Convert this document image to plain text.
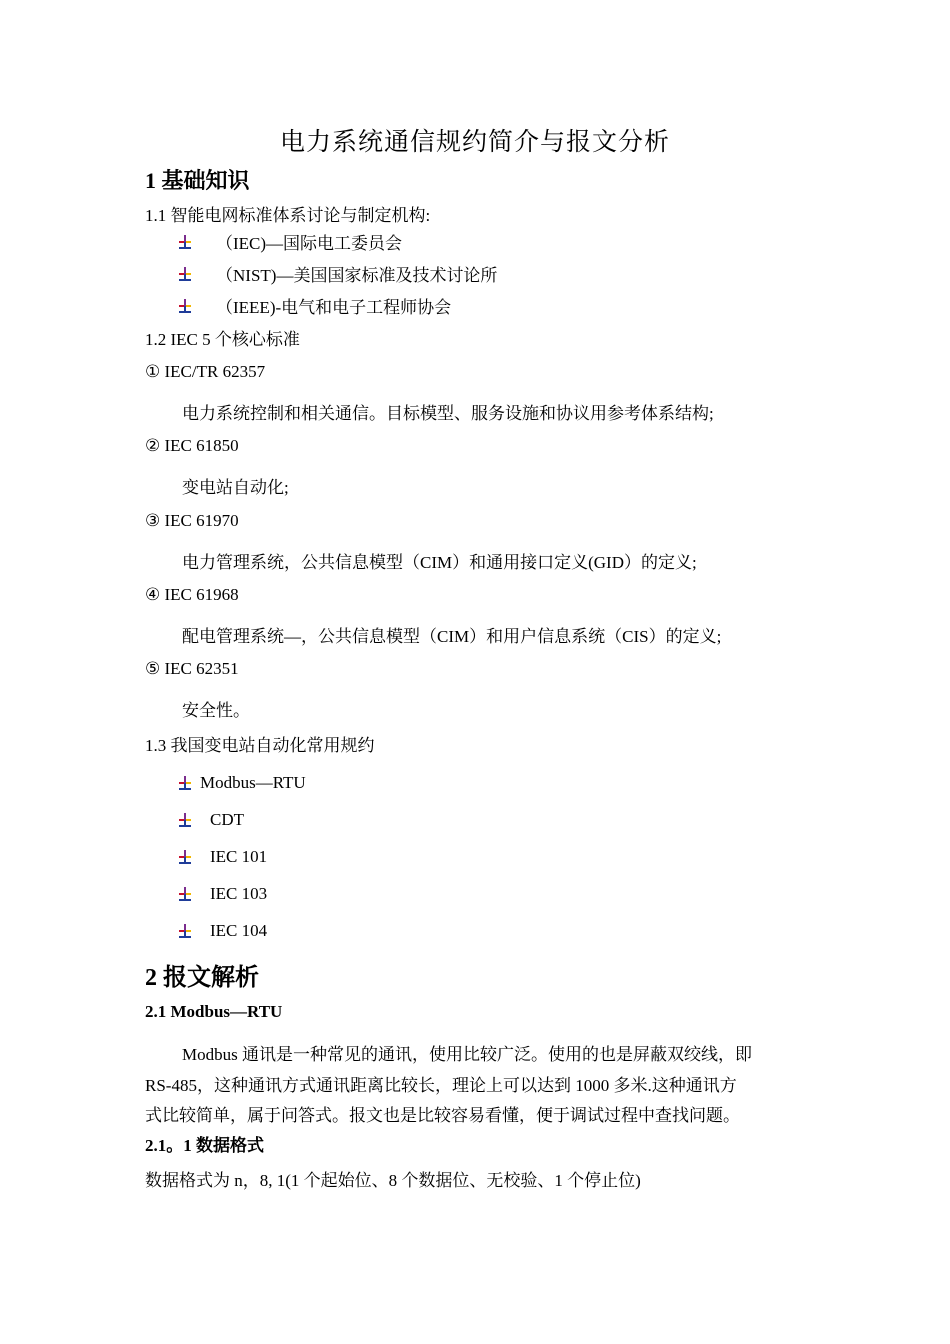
电力系统通信规约简介与报文分析
1 基础知识
1.1 智能电网标准体系讨论与制定机构:
（IEC)—国际电工委员会
（NIST)—美国国家标准及技术讨论所
（IEEE)-电气和电子工程师协会
1.2 IEC 5 个核心标准
① IEC/TR 62357
电力系统控制和相关通信。目标模型、服务设施和协议用参考体系结构;
② IEC 61850
变电站自动化;
③ IEC 61970
电力管理系统，公共信息模型（CIM）和通用接口定义(GID）的定义;
④ IEC 61968
配电管理系统—，公共信息模型（CIM）和用户信息系统（CIS）的定义;
⑤ IEC 62351
安全性。
1.3 我国变电站自动化常用规约
Modbus—RTU
CDT
IEC 101
IEC 103
IEC 104
2 报文解析
2.1 Modbus—RTU
Modbus 通讯是一种常见的通讯，使用比较广泛。使用的也是屏蔽双绞线，即
RS-485，这种通讯方式通讯距离比较长，理论上可以达到 1000 多米.这种通讯方
式比较简单，属于问答式。报文也是比较容易看懂，便于调试过程中查找问题。
2.1。1 数据格式
数据格式为 n，8, 1(1 个起始位、8 个数据位、无校验、1 个停止位)
